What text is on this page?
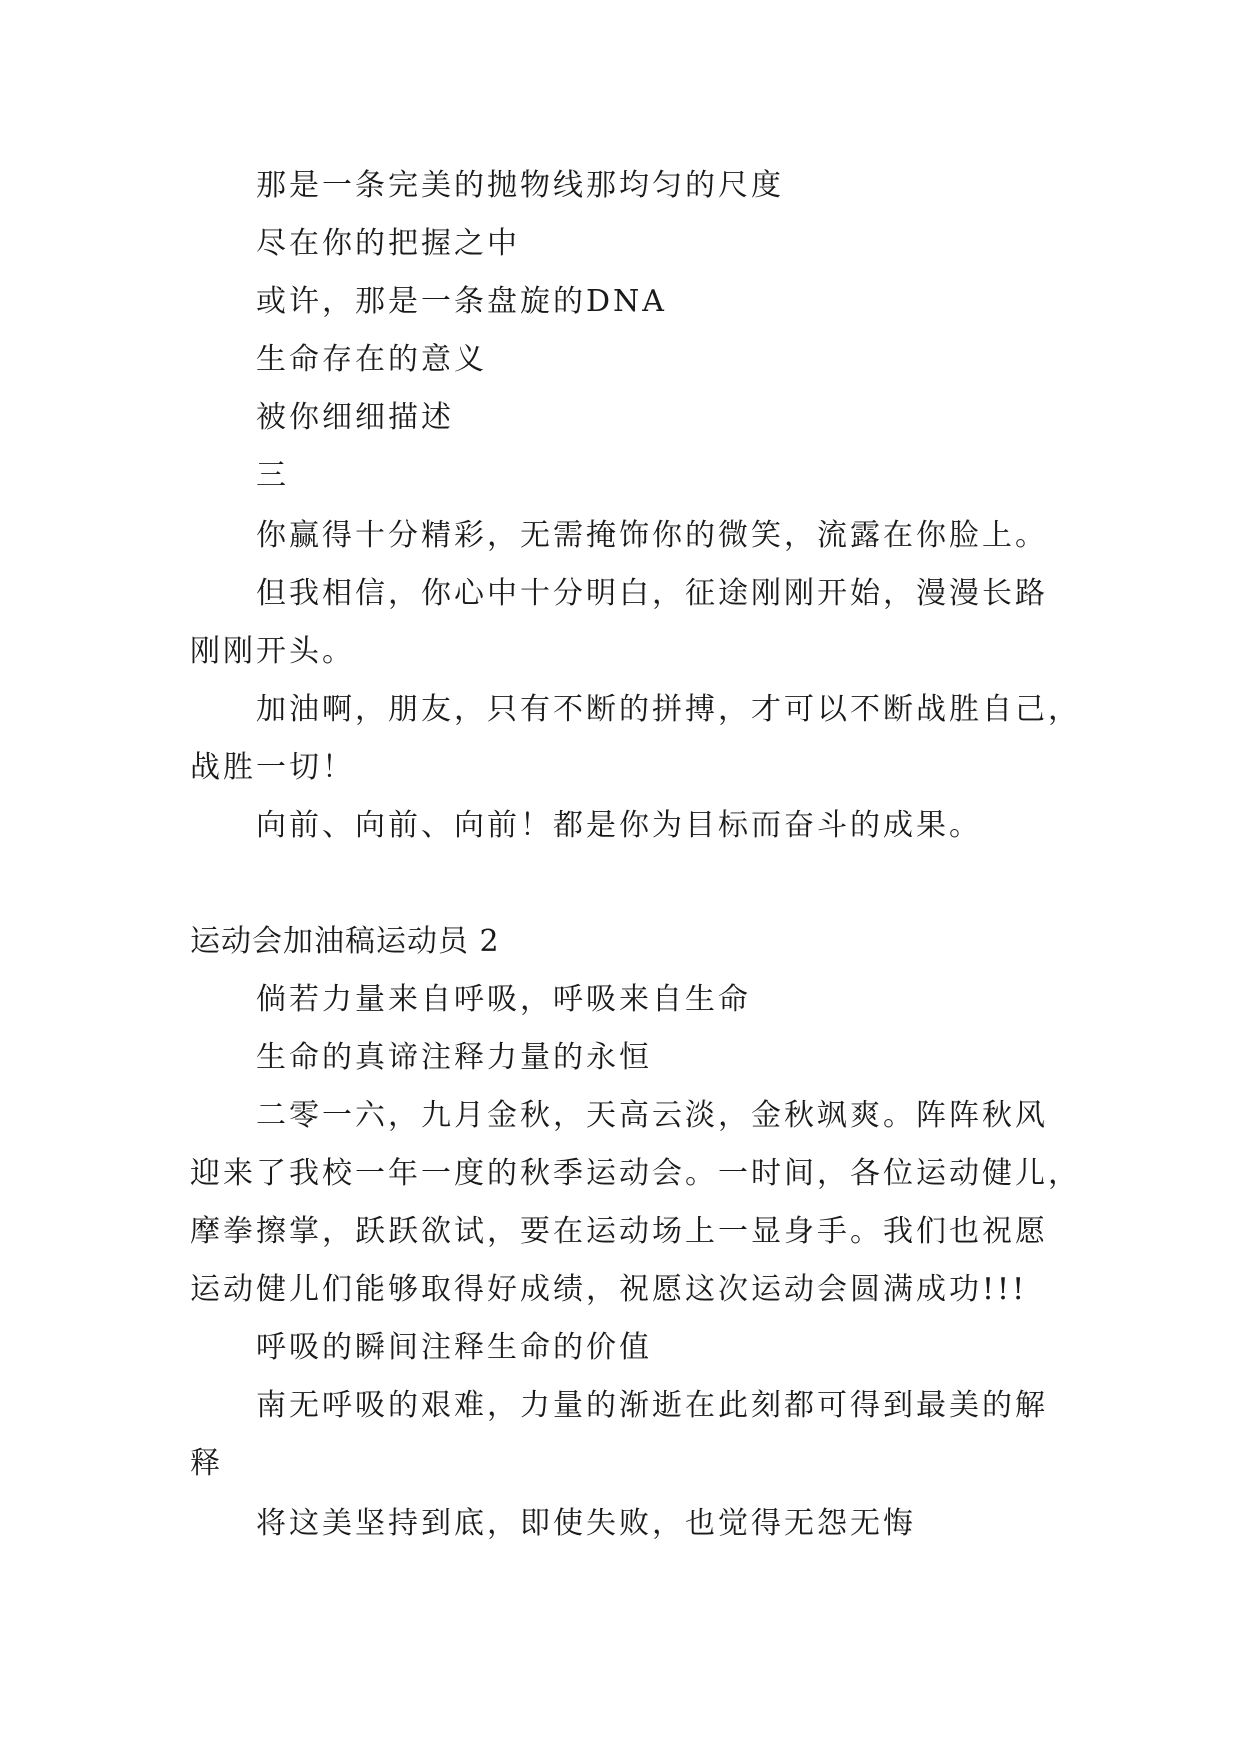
那是一条完美的抛物线那均匀的尺度
尽在你的把握之中
或许，那是一条盘旋的DNA
生命存在的意义
被你细细描述
三
你赢得十分精彩，无需掩饰你的微笑，流露在你脸上。
但我相信，你心中十分明白，征途刚刚开始，漫漫长路
刚刚开头。
加油啊，朋友，只有不断的拼搏，才可以不断战胜自己，
战胜一切！
向前、向前、向前！都是你为目标而奋斗的成果。
运动会加油稿运动员 2
倘若力量来自呼吸，呼吸来自生命
生命的真谛注释力量的永恒
二零一六，九月金秋，天高云淡，金秋飒爽。阵阵秋风
迎来了我校一年一度的秋季运动会。一时间，各位运动健儿，
摩拳擦掌，跃跃欲试，要在运动场上一显身手。我们也祝愿
运动健儿们能够取得好成绩，祝愿这次运动会圆满成功!!!
呼吸的瞬间注释生命的价值
南无呼吸的艰难，力量的渐逝在此刻都可得到最美的解
释
将这美坚持到底，即使失败，也觉得无怨无悔
